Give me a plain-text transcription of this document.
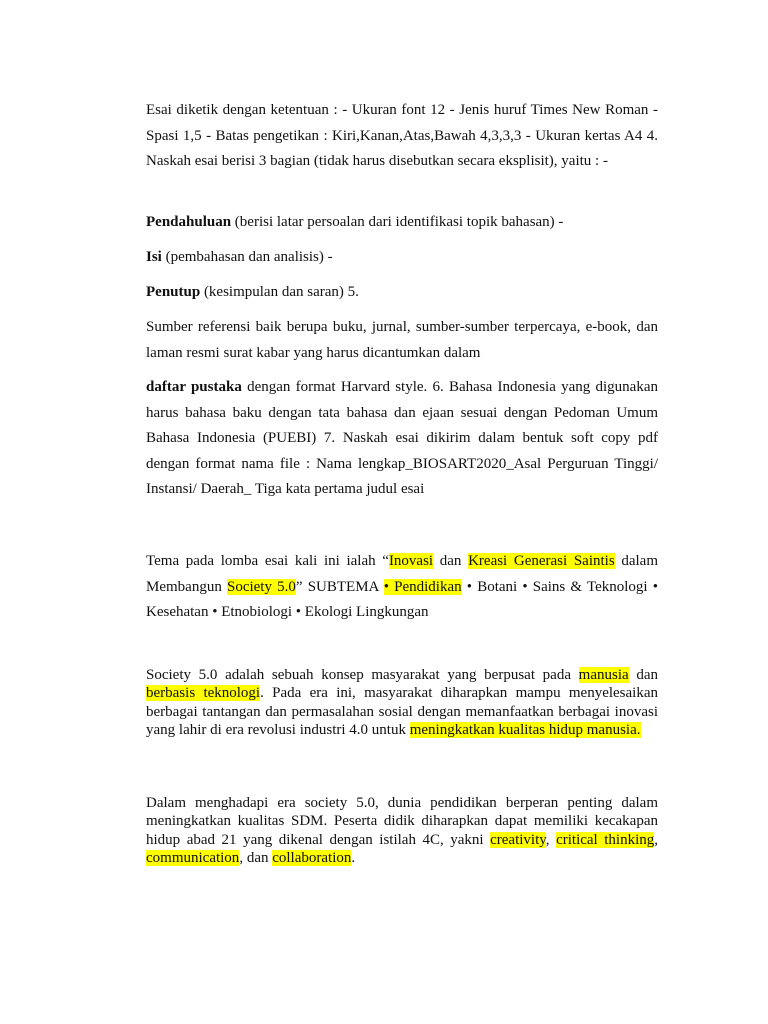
Esai diketik dengan ketentuan : ‑ Ukuran font 12 ‑ Jenis huruf Times New Roman ‑ Spasi 1,5 ‑ Batas pengetikan : Kiri,Kanan,Atas,Bawah 4,3,3,3 ‑ Ukuran kertas A4 4. Naskah esai berisi 3 bagian (tidak harus disebutkan secara eksplisit), yaitu : ‑

Pendahuluan (berisi latar persoalan dari identifikasi topik bahasan) ‑

Isi (pembahasan dan analisis) ‑

Penutup (kesimpulan dan saran) 5.

Sumber referensi baik berupa buku, jurnal, sumber-sumber terpercaya, e-book, dan laman resmi surat kabar yang harus dicantumkan dalam

daftar pustaka dengan format Harvard style. 6. Bahasa Indonesia yang digunakan harus bahasa baku dengan tata bahasa dan ejaan sesuai dengan Pedoman Umum Bahasa Indonesia (PUEBI) 7. Naskah esai dikirim dalam bentuk soft copy pdf dengan format nama file : Nama lengkap_BIOSART2020_Asal Perguruan Tinggi/ Instansi/ Daerah_ Tiga kata pertama judul esai

Tema pada lomba esai kali ini ialah “Inovasi dan Kreasi Generasi Saintis dalam Membangun Society 5.0” SUBTEMA • Pendidikan • Botani • Sains & Teknologi • Kesehatan • Etnobiologi • Ekologi Lingkungan

Society 5.0 adalah sebuah konsep masyarakat yang berpusat pada manusia dan berbasis teknologi. Pada era ini, masyarakat diharapkan mampu menyelesaikan berbagai tantangan dan permasalahan sosial dengan memanfaatkan berbagai inovasi yang lahir di era revolusi industri 4.0 untuk meningkatkan kualitas hidup manusia.

Dalam menghadapi era society 5.0, dunia pendidikan berperan penting dalam meningkatkan kualitas SDM. Peserta didik diharapkan dapat memiliki kecakapan hidup abad 21 yang dikenal dengan istilah 4C, yakni creativity, critical thinking, communication, dan collaboration.
